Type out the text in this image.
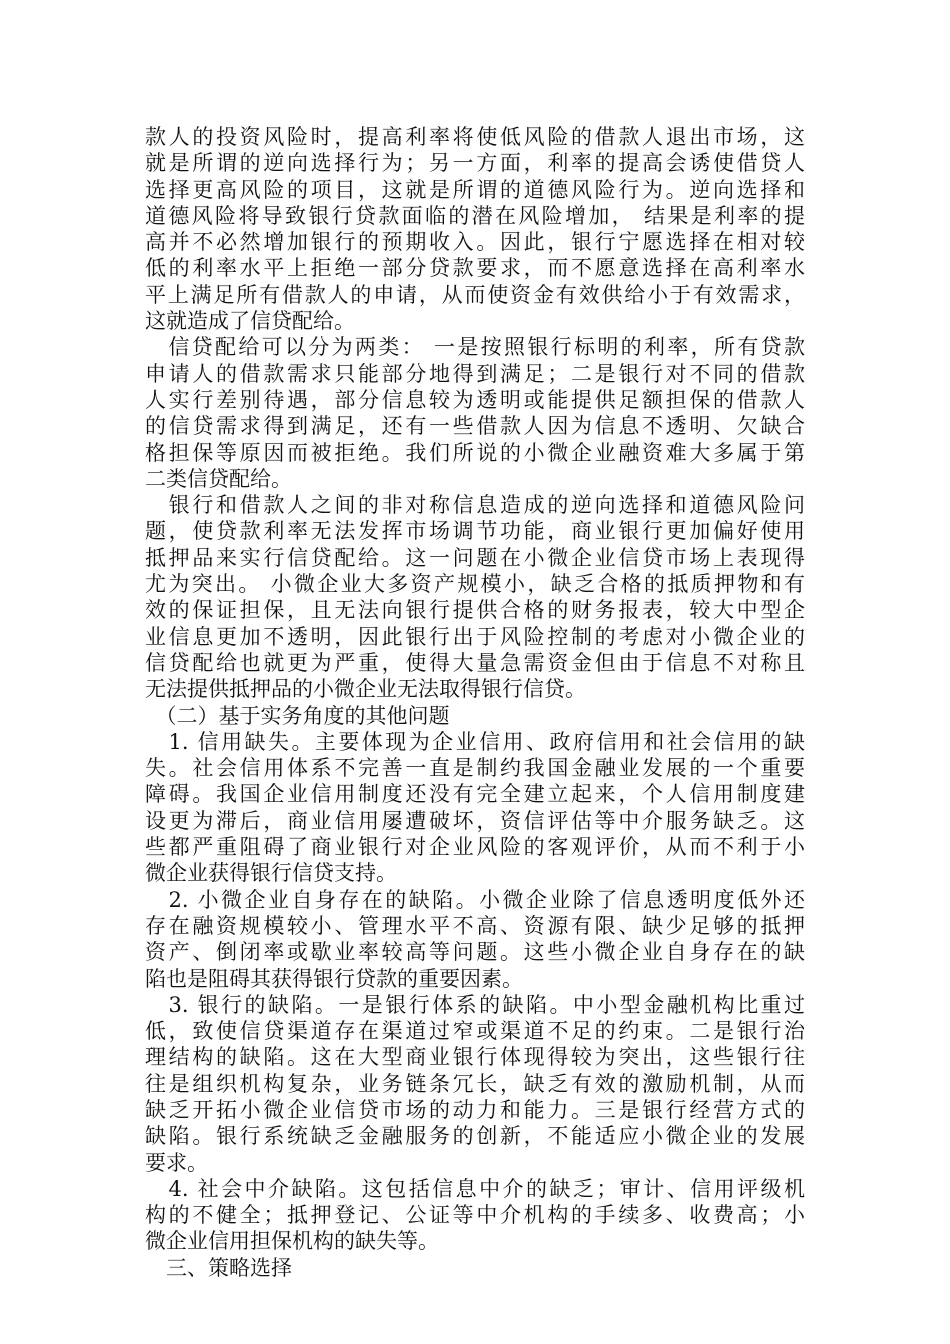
款人的投资风险时，提高利率将使低风险的借款人退出市场，这
就是所谓的逆向选择行为；另一方面，利率的提高会诱使借贷人
选择更高风险的项目，这就是所谓的道德风险行为。逆向选择和
道德风险将导致银行贷款面临的潜在风险增加， 结果是利率的提
高并不必然增加银行的预期收入。因此，银行宁愿选择在相对较
低的利率水平上拒绝一部分贷款要求，而不愿意选择在高利率水
平上满足所有借款人的申请，从而使资金有效供给小于有效需求，
这就造成了信贷配给。
　信贷配给可以分为两类： 一是按照银行标明的利率，所有贷款
申请人的借款需求只能部分地得到满足；二是银行对不同的借款
人实行差别待遇，部分信息较为透明或能提供足额担保的借款人
的信贷需求得到满足，还有一些借款人因为信息不透明、欠缺合
格担保等原因而被拒绝。我们所说的小微企业融资难大多属于第
二类信贷配给。
　银行和借款人之间的非对称信息造成的逆向选择和道德风险问
题，使贷款利率无法发挥市场调节功能，商业银行更加偏好使用
抵押品来实行信贷配给。这一问题在小微企业信贷市场上表现得
尤为突出。 小微企业大多资产规模小，缺乏合格的抵质押物和有
效的保证担保，且无法向银行提供合格的财务报表，较大中型企
业信息更加不透明，因此银行出于风险控制的考虑对小微企业的
信贷配给也就更为严重，使得大量急需资金但由于信息不对称且
无法提供抵押品的小微企业无法取得银行信贷。
　（二）基于实务角度的其他问题
　1. 信用缺失。主要体现为企业信用、政府信用和社会信用的缺
失。社会信用体系不完善一直是制约我国金融业发展的一个重要
障碍。我国企业信用制度还没有完全建立起来，个人信用制度建
设更为滞后，商业信用屡遭破坏，资信评估等中介服务缺乏。这
些都严重阻碍了商业银行对企业风险的客观评价，从而不利于小
微企业获得银行信贷支持。
　2. 小微企业自身存在的缺陷。小微企业除了信息透明度低外还
存在融资规模较小、管理水平不高、资源有限、缺少足够的抵押
资产、倒闭率或歇业率较高等问题。这些小微企业自身存在的缺
陷也是阻碍其获得银行贷款的重要因素。
　3. 银行的缺陷。一是银行体系的缺陷。中小型金融机构比重过
低，致使信贷渠道存在渠道过窄或渠道不足的约束。二是银行治
理结构的缺陷。这在大型商业银行体现得较为突出，这些银行往
往是组织机构复杂，业务链条冗长，缺乏有效的激励机制，从而
缺乏开拓小微企业信贷市场的动力和能力。三是银行经营方式的
缺陷。银行系统缺乏金融服务的创新，不能适应小微企业的发展
要求。
　4. 社会中介缺陷。这包括信息中介的缺乏；审计、信用评级机
构的不健全；抵押登记、公证等中介机构的手续多、收费高；小
微企业信用担保机构的缺失等。
　三、策略选择
